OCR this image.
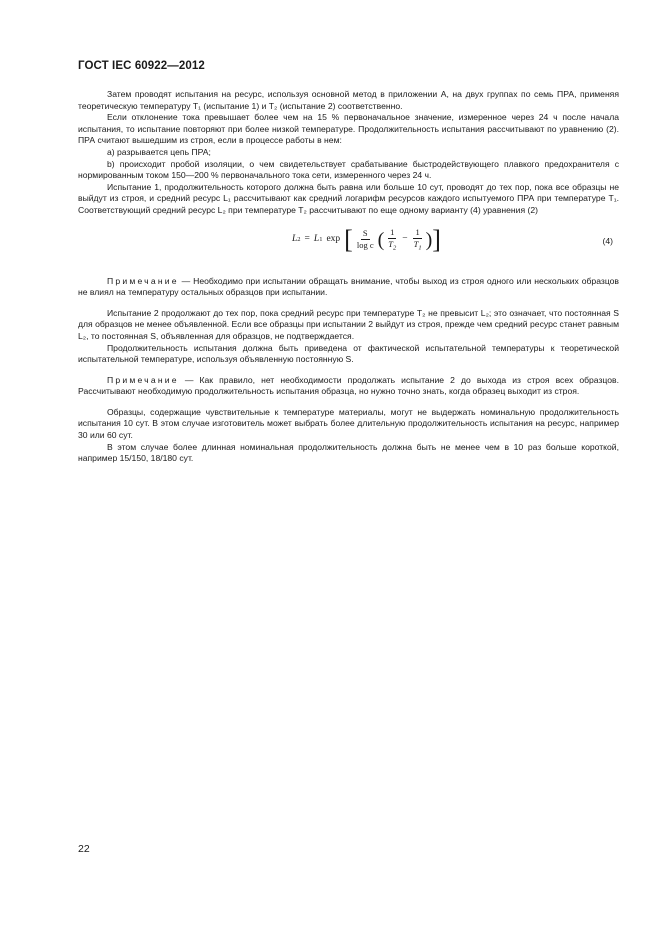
ГОСТ IEC 60922—2012

Затем проводят испытания на ресурс, используя основной метод в приложении А, на двух группах по семь ПРА, применяя теоретическую температуру T₁ (испытание 1) и T₂ (испытание 2) соответственно.

Если отклонение тока превышает более чем на 15 % первоначальное значение, измеренное через 24 ч после начала испытания, то испытание повторяют при более низкой температуре. Продолжительность испытания рассчитывают по уравнению (2). ПРА считают вышедшим из строя, если в процессе работы в нем:

a) разрывается цепь ПРА;

b) происходит пробой изоляции, о чем свидетельствует срабатывание быстродействующего плавкого предохранителя с нормированным током 150—200 % первоначального тока сети, измеренного через 24 ч.

Испытание 1, продолжительность которого должна быть равна или больше 10 сут, проводят до тех пор, пока все образцы не выйдут из строя, и средний ресурс L₁ рассчитывают как средний логарифм ресурсов каждого испытуемого ПРА при температуре T₁. Соответствующий средний ресурс L₂ при температуре T₂ рассчитывают по еще одному варианту (4) уравнения (2)

L 2 = L 1 exp [ $\frac{S}{\text{log c}}$ ( $\frac{1}{T_2} - \frac{1}{T_1}$ ) ]	(4)

Примечание — Необходимо при испытании обращать внимание, чтобы выход из строя одного или нескольких образцов не влиял на температуру остальных образцов при испытании.

Испытание 2 продолжают до тех пор, пока средний ресурс при температуре T₂ не превысит L₂; это означает, что постоянная S для образцов не менее объявленной. Если все образцы при испытании 2 выйдут из строя, прежде чем средний ресурс станет равным L₂, то постоянная S, объявленная для образцов, не подтверждается.

Продолжительность испытания должна быть приведена от фактической испытательной температуры к теоретической испытательной температуре, используя объявленную постоянную S.

Примечание — Как правило, нет необходимости продолжать испытание 2 до выхода из строя всех образцов. Рассчитывают необходимую продолжительность испытания образца, но нужно точно знать, когда образец выходит из строя.

Образцы, содержащие чувствительные к температуре материалы, могут не выдержать номинальную продолжительность испытания 10 сут. В этом случае изготовитель может выбрать более длительную продолжительность испытания на ресурс, например 30 или 60 сут.

В этом случае более длинная номинальная продолжительность должна быть не менее чем в 10 раз больше короткой, например 15/150, 18/180 сут.

22
